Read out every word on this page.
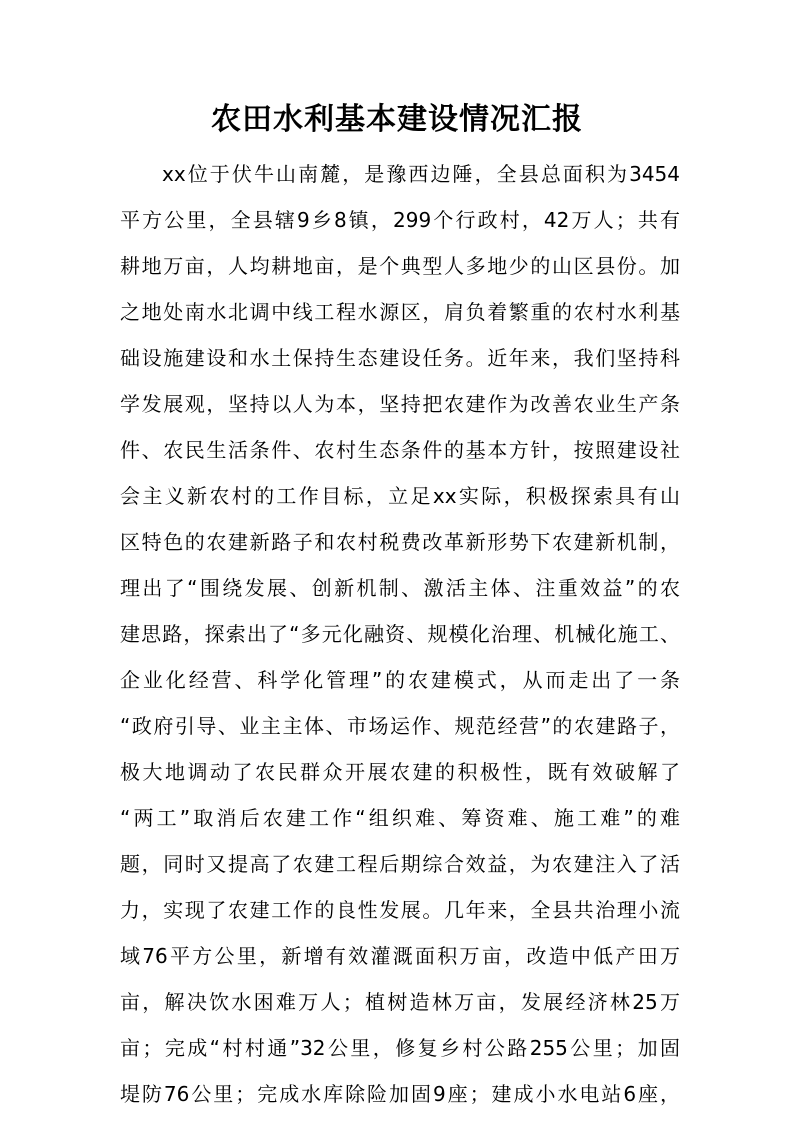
农田水利基本建设情况汇报
xx位于伏牛山南麓，是豫西边陲，全县总面积为3454
平方公里，全县辖9乡8镇，299个行政村，42万人；共有
耕地万亩，人均耕地亩，是个典型人多地少的山区县份。加
之地处南水北调中线工程水源区，肩负着繁重的农村水利基
础设施建设和水土保持生态建设任务。近年来，我们坚持科
学发展观，坚持以人为本，坚持把农建作为改善农业生产条
件、农民生活条件、农村生态条件的基本方针，按照建设社
会主义新农村的工作目标，立足xx实际，积极探索具有山
区特色的农建新路子和农村税费改革新形势下农建新机制，
理出了“围绕发展、创新机制、激活主体、注重效益”的农
建思路，探索出了“多元化融资、规模化治理、机械化施工、
企业化经营、科学化管理”的农建模式，从而走出了一条
“政府引导、业主主体、市场运作、规范经营”的农建路子，
极大地调动了农民群众开展农建的积极性，既有效破解了
“两工”取消后农建工作“组织难、筹资难、施工难”的难
题，同时又提高了农建工程后期综合效益，为农建注入了活
力，实现了农建工作的良性发展。几年来，全县共治理小流
域76平方公里，新增有效灌溉面积万亩，改造中低产田万
亩，解决饮水困难万人；植树造林万亩，发展经济林25万
亩；完成“村村通”32公里，修复乡村公路255公里；加固
堤防76公里；完成水库除险加固9座；建成小水电站6座，
